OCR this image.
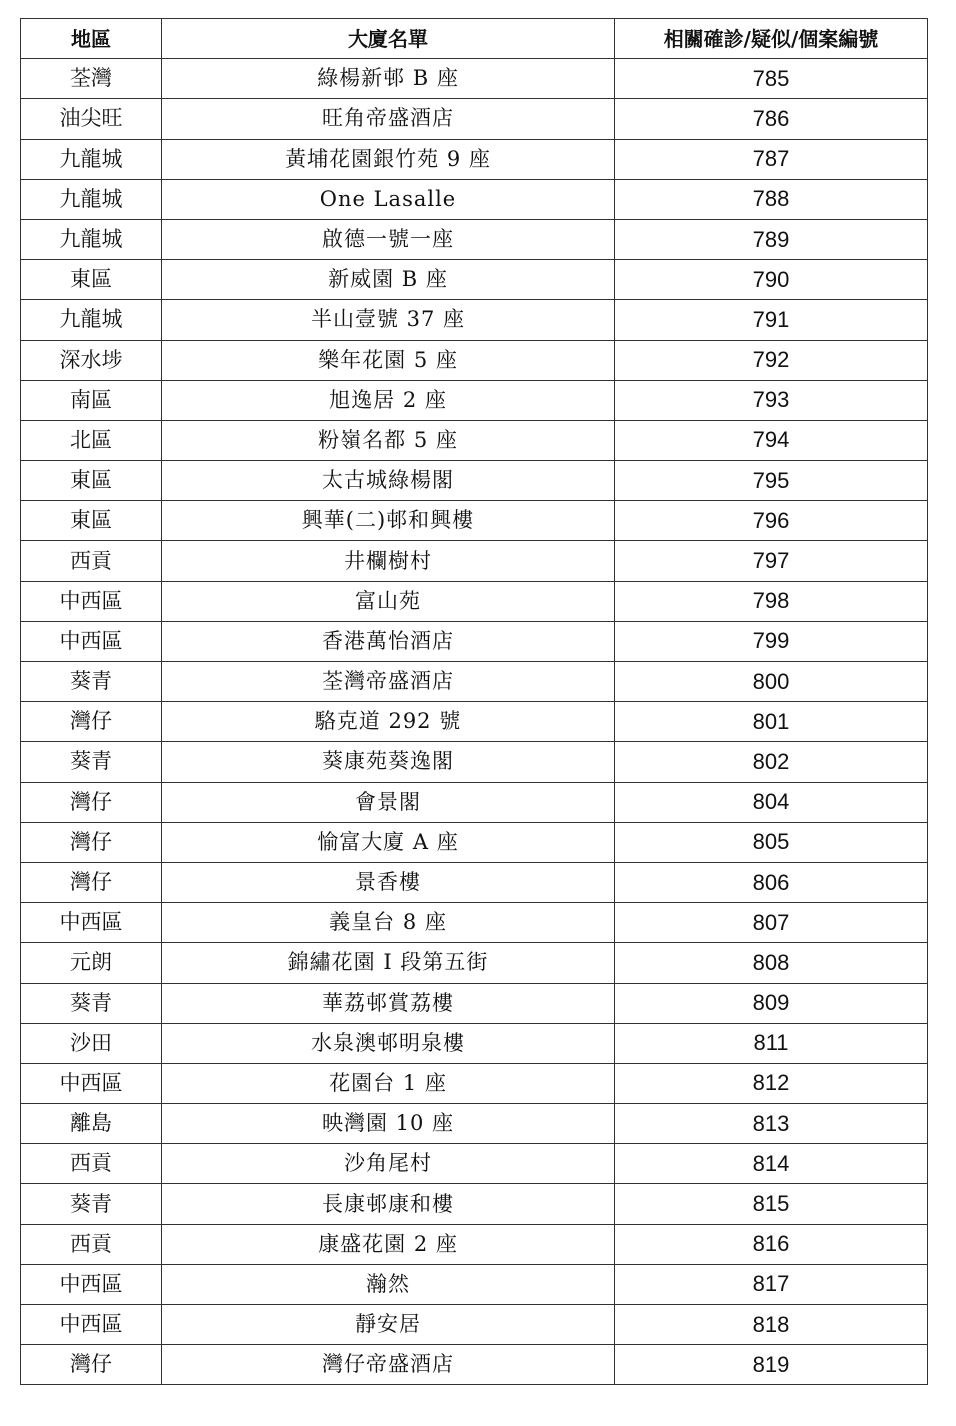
地區	大廈名單	相關確診/疑似/個案編號
荃灣	綠楊新邨 B 座	785
油尖旺	旺角帝盛酒店	786
九龍城	黃埔花園銀竹苑 9 座	787
九龍城	One Lasalle	788
九龍城	啟德一號一座	789
東區	新威園 B 座	790
九龍城	半山壹號 37 座	791
深水埗	樂年花園 5 座	792
南區	旭逸居 2 座	793
北區	粉嶺名都 5 座	794
東區	太古城綠楊閣	795
東區	興華(二)邨和興樓	796
西貢	井欄樹村	797
中西區	富山苑	798
中西區	香港萬怡酒店	799
葵青	荃灣帝盛酒店	800
灣仔	駱克道 292 號	801
葵青	葵康苑葵逸閣	802
灣仔	會景閣	804
灣仔	愉富大廈 A 座	805
灣仔	景香樓	806
中西區	義皇台 8 座	807
元朗	錦繡花園 I 段第五街	808
葵青	華荔邨賞荔樓	809
沙田	水泉澳邨明泉樓	811
中西區	花園台 1 座	812
離島	映灣園 10 座	813
西貢	沙角尾村	814
葵青	長康邨康和樓	815
西貢	康盛花園 2 座	816
中西區	瀚然	817
中西區	靜安居	818
灣仔	灣仔帝盛酒店	819
